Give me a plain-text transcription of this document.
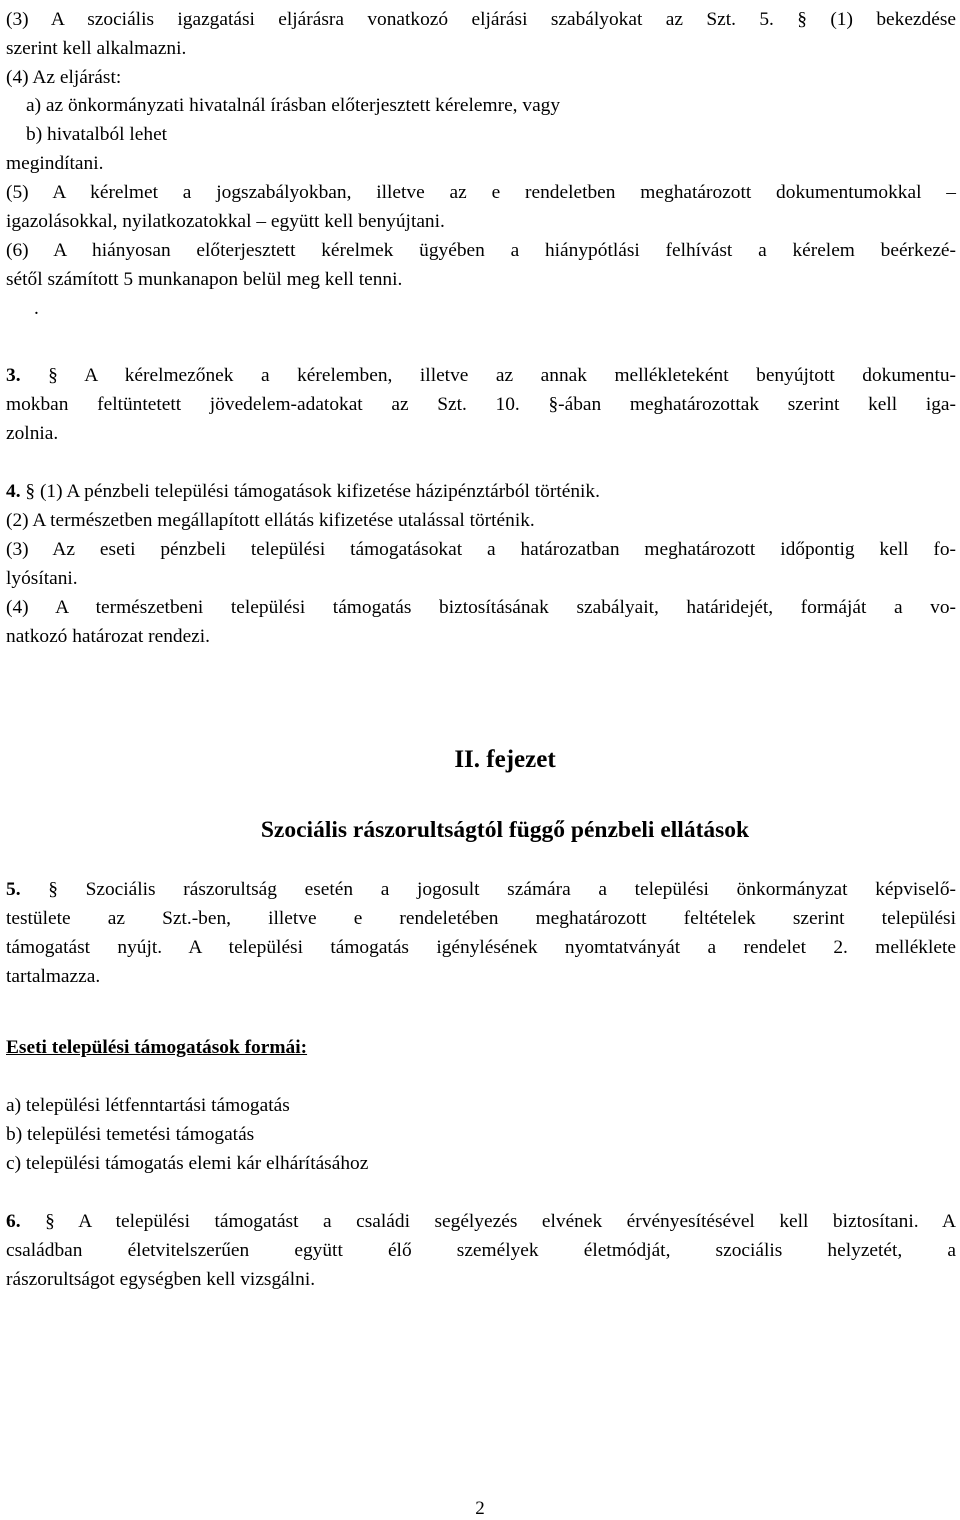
(3) A szociális igazgatási eljárásra vonatkozó eljárási szabályokat az Szt. 5. § (1) bekezdése
szerint kell alkalmazni.
(4) Az eljárást:
a) az önkormányzati hivatalnál írásban előterjesztett kérelemre, vagy
b) hivatalból lehet
megindítani.
(5) A kérelmet a jogszabályokban, illetve az e rendeletben meghatározott dokumentumokkal –
igazolásokkal, nyilatkozatokkal – együtt kell benyújtani.
(6) A hiányosan előterjesztett kérelmek ügyében a hiánypótlási felhívást a kérelem beérkezé-
sétől számított 5 munkanapon belül meg kell tenni.
.
3. § A kérelmezőnek a kérelemben, illetve az annak mellékleteként benyújtott dokumentu-
mokban feltüntetett jövedelem-adatokat az Szt. 10. §-ában meghatározottak szerint kell iga-
zolnia.
4. § (1) A pénzbeli települési támogatások kifizetése házipénztárból történik.
(2) A természetben megállapított ellátás kifizetése utalással történik.
(3) Az eseti pénzbeli települési támogatásokat a határozatban meghatározott időpontig kell fo-
lyósítani.
(4) A természetbeni települési támogatás biztosításának szabályait, határidejét, formáját a vo-
natkozó határozat rendezi.
II. fejezet
Szociális rászorultságtól függő pénzbeli ellátások
5. § Szociális rászorultság esetén a jogosult számára a települési önkormányzat képviselő-
testülete az Szt.-ben, illetve e rendeletében meghatározott feltételek szerint települési
támogatást nyújt. A települési támogatás igénylésének nyomtatványát a rendelet 2. melléklete
tartalmazza.
Eseti települési támogatások formái:
a) települési létfenntartási támogatás
b) települési temetési támogatás
c) települési támogatás elemi kár elhárításához
6. § A települési támogatást a családi segélyezés elvének érvényesítésével kell biztosítani. A
családban életvitelszerűen együtt élő személyek életmódját, szociális helyzetét, a
rászorultságot egységben kell vizsgálni.
2
